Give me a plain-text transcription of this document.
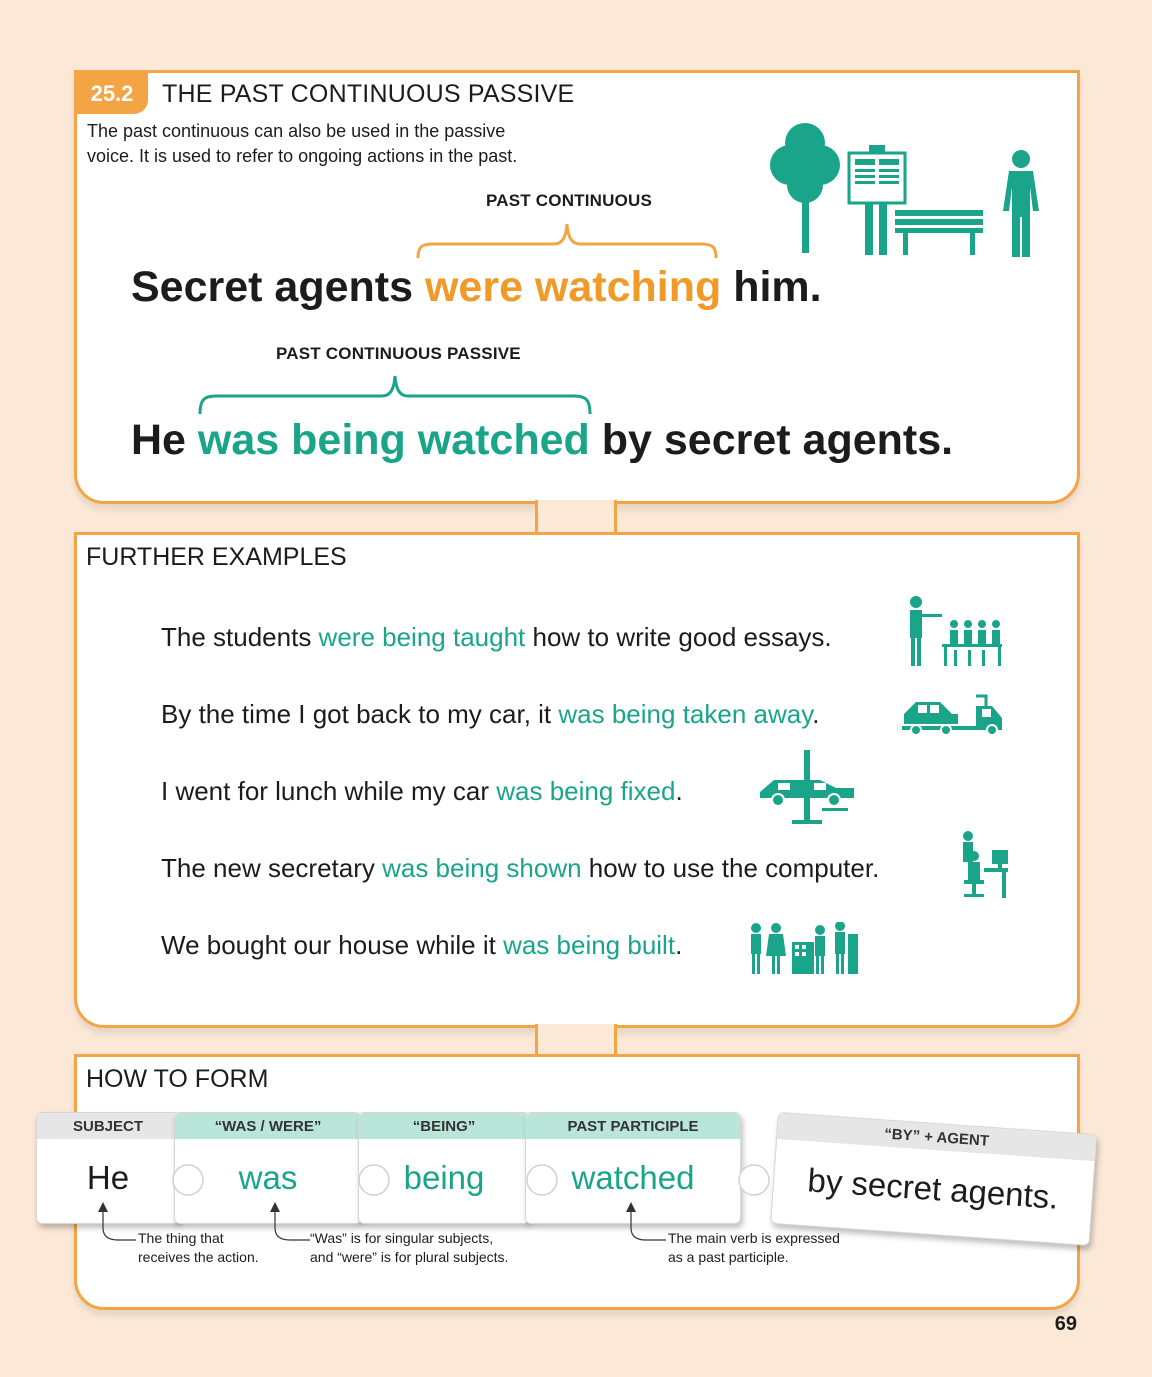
25.2	THE PAST CONTINUOUS PASSIVE
The past continuous can also be used in the passive voice. It is used to refer to ongoing actions in the past.
PAST CONTINUOUS
Secret agents were watching him.
PAST CONTINUOUS PASSIVE
He was being watched by secret agents.
FURTHER EXAMPLES
The students were being taught how to write good essays.
By the time I got back to my car, it was being taken away.
I went for lunch while my car was being fixed.
The new secretary was being shown how to use the computer.
We bought our house while it was being built.
HOW TO FORM
SUBJECT
He
“WAS / WERE”
was
“BEING”
being
PAST PARTICIPLE
watched
“BY” + AGENT
by secret agents.
The thing that
receives the action.
“Was” is for singular subjects,
and “were” is for plural subjects.
The main verb is expressed
as a past participle.
69
